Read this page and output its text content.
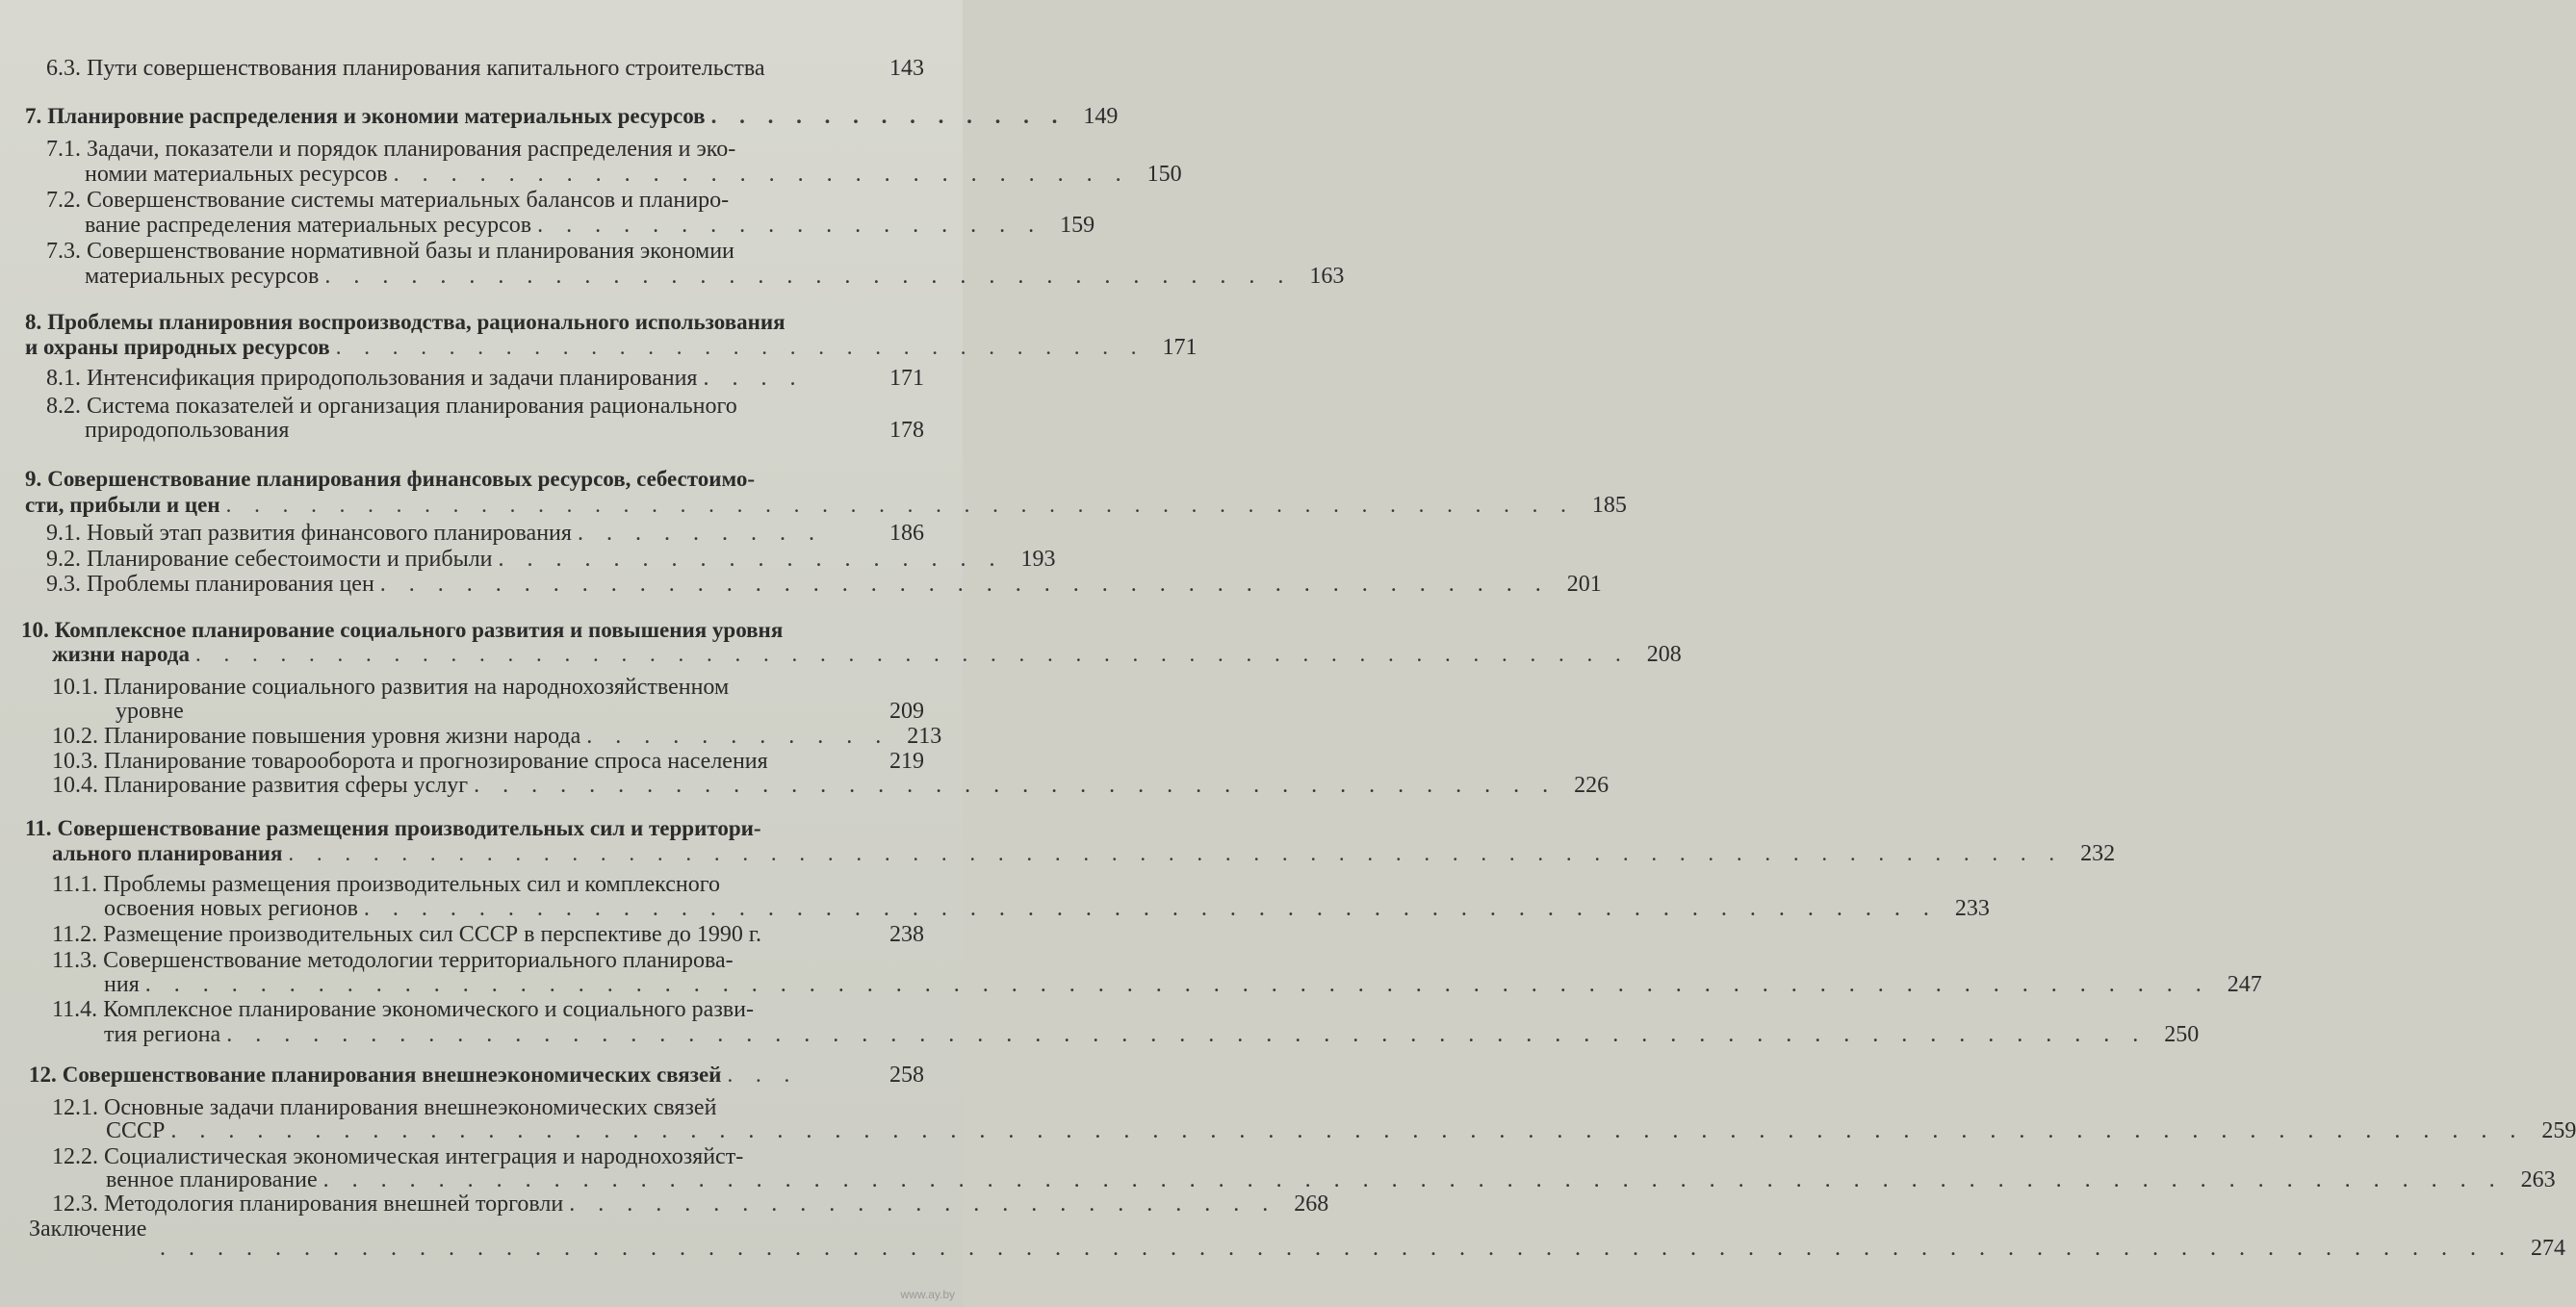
6.3. Пути совершенствования планирования капитального строительства	143
7. Планировние распределения и экономии материальных ресурсов . . . . . . . . . . . . . 149
7.1. Задачи, показатели и порядок планирования распределения и эко-
номии материальных ресурсов . . . . . . . . . . . . . . . . . . . . . . . . . . 150
7.2. Совершенствование системы материальных балансов и планиро-
вание распределения материальных ресурсов . . . . . . . . . . . . . . . . . . 159
7.3. Совершенствование нормативной базы и планирования экономии
материальных ресурсов . . . . . . . . . . . . . . . . . . . . . . . . . . . . . . . . . . 163
8. Проблемы планировния воспроизводства, рационального использования
и охраны природных ресурсов . . . . . . . . . . . . . . . . . . . . . . . . . . . . . 171
8.1. Интенсификация природопользования и задачи планирования . . . .	171
8.2. Система показателей и организация планирования рационального
природопользования	178
9. Совершенствование планирования финансовых ресурсов, себестоимо-
сти, прибыли и цен . . . . . . . . . . . . . . . . . . . . . . . . . . . . . . . . . . . . . . . . . . . . . . . . 185
9.1. Новый этап развития финансового планирования . . . . . . . . .	186
9.2. Планирование себестоимости и прибыли . . . . . . . . . . . . . . . . . . 193
9.3. Проблемы планирования цен . . . . . . . . . . . . . . . . . . . . . . . . . . . . . . . . . . . . . . . . . 201
10. Комплексное планирование социального развития и повышения уровня
жизни народа . . . . . . . . . . . . . . . . . . . . . . . . . . . . . . . . . . . . . . . . . . . . . . . . . . . 208
10.1. Планирование социального развития на народнохозяйственном
уровне	209
10.2. Планирование повышения уровня жизни народа . . . . . . . . . . . 213
10.3. Планирование товарооборота и прогнозирование спроса населения	219
10.4. Планирование развития сферы услуг . . . . . . . . . . . . . . . . . . . . . . . . . . . . . . . . . . . . . . 226
11. Совершенствование размещения производительных сил и территори-
ального планирования . . . . . . . . . . . . . . . . . . . . . . . . . . . . . . . . . . . . . . . . . . . . . . . . . . . . . . . . . . . . . . . 232
11.1. Проблемы размещения производительных сил и комплексного
освоения новых регионов . . . . . . . . . . . . . . . . . . . . . . . . . . . . . . . . . . . . . . . . . . . . . . . . . . . . . . . 233
11.2. Размещение производительных сил СССР в перспективе до 1990 г.	238
11.3. Совершенствование методологии территориального планирова-
ния . . . . . . . . . . . . . . . . . . . . . . . . . . . . . . . . . . . . . . . . . . . . . . . . . . . . . . . . . . . . . . . . . . . . . . . . 247
11.4. Комплексное планирование экономического и социального разви-
тия региона . . . . . . . . . . . . . . . . . . . . . . . . . . . . . . . . . . . . . . . . . . . . . . . . . . . . . . . . . . . . . . . . . . . 250
12. Совершенствование планирования внешнеэкономических связей . . .	258
12.1. Основные задачи планирования внешнеэкономических связей
СССР . . . . . . . . . . . . . . . . . . . . . . . . . . . . . . . . . . . . . . . . . . . . . . . . . . . . . . . . . . . . . . . . . . . . . . . . . . . . . . . . . . 259
12.2. Социалистическая экономическая интеграция и народнохозяйст-
венное планирование . . . . . . . . . . . . . . . . . . . . . . . . . . . . . . . . . . . . . . . . . . . . . . . . . . . . . . . . . . . . . . . . . . . . . . . . . . . . 263
12.3. Методология планирования внешней торговли . . . . . . . . . . . . . . . . . . . . . . . . . 268
Заключение
. . . . . . . . . . . . . . . . . . . . . . . . . . . . . . . . . . . . . . . . . . . . . . . . . . . . . . . . . . . . . . . . . . . . . . . . . . . . . . . . . . 274
www.ay.by
